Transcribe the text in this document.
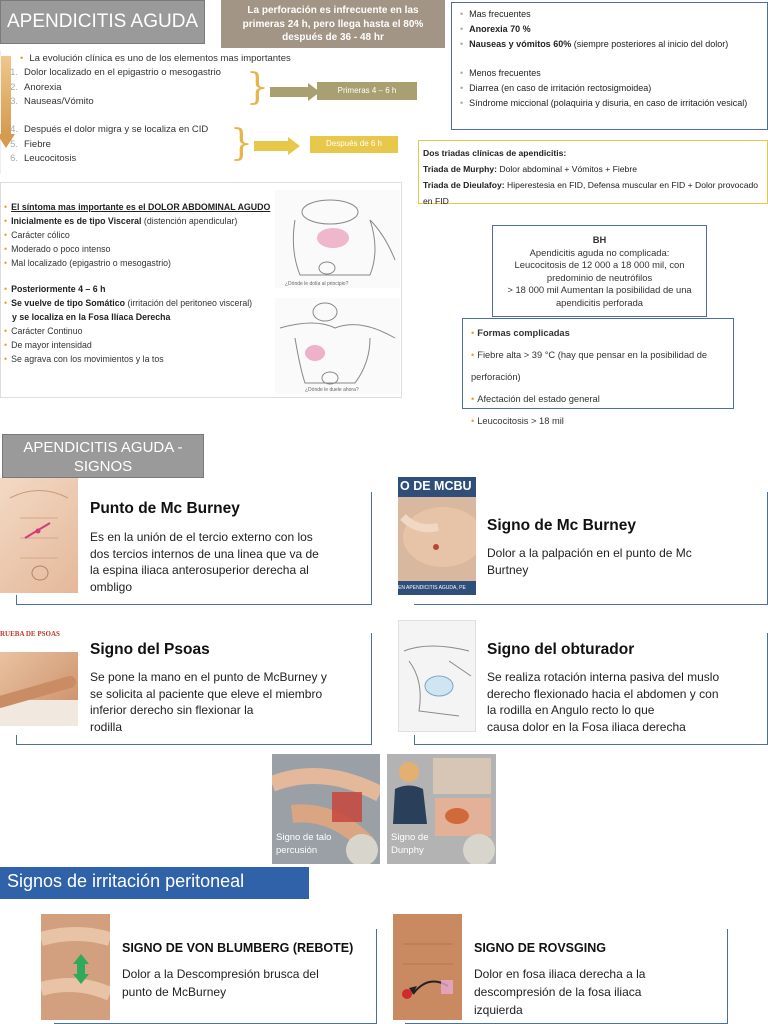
APENDICITIS AGUDA
La perforación es infrecuente en las
primeras 24 h, pero llega hasta el 80%
después de 36 - 48 hr
• La evolución clínica es uno de los elementos mas importantes
1. Dolor localizado en el epigastrio o mesogastrio
2. Anorexia
3. Nauseas/Vómito
4. Después el dolor migra y se localiza en CID
5. Fiebre
6. Leucocitosis
}	Primeras 4 – 6 h
}	Después de 6 h
• Mas frecuentes
• Anorexia 70 %
• Nauseas y vómitos 60% (siempre posteriores al inicio del dolor)
• Menos frecuentes
• Diarrea (en caso de irritación rectosigmoidea)
• Síndrome miccional (polaquiria y disuria, en caso de irritación vesical)
Dos triadas clínicas de apendicitis:
Triada de Murphy: Dolor abdominal + Vómitos + Fiebre
Triada de Dieulafoy: Hiperestesia en FID, Defensa muscular en FID + Dolor provocado en FID
• El síntoma mas importante es el DOLOR ABDOMINAL AGUDO
• Inicialmente es de tipo Visceral (distención apendicular)
• Carácter cólico
• Moderado o poco intenso
• Mal localizado (epigastrio o mesogastrio)
• Posteriormente 4 – 6 h
• Se vuelve de tipo Somático (irritación del peritoneo visceral)
y se localiza en la Fosa Ilíaca Derecha
• Carácter Continuo
• De mayor intensidad
• Se agrava con los movimientos y la tos
¿Dónde le dolía al principio?
¿Dónde le duele ahora?
BH
Apendicitis aguda no complicada:
Leucocitosis de 12 000 a 18 000 mil, con
predominio de neutrófilos
> 18 000 mil Aumentan la posibilidad de una
apendicitis perforada
• Formas complicadas
• Fiebre alta > 39 °C (hay que pensar en la posibilidad de perforación)
• Afectación del estado general
• Leucocitosis > 18 mil
APENDICITIS AGUDA -
SIGNOS
Punto de Mc Burney
Es en la unión de el tercio externo con los
dos tercios internos de una linea que va de
la espina iliaca anterosuperior derecha al
ombligo
O DE MCBU
EN APENDICITIS AGUDA, PE
Signo de Mc Burney
Dolor a la palpación en el punto de Mc
Burtney
RUEBA DE PSOAS
Signo del Psoas
Se pone la mano en el punto de McBurney y
se solicita al paciente que eleve el miembro
inferior derecho sin flexionar la
rodilla
Signo del obturador
Se realiza rotación interna pasiva del muslo
derecho flexionado hacia el abdomen y con
la rodilla en Angulo recto lo que
causa dolor en la Fosa iliaca derecha
Signo de talo
percusión
Signo de
Dunphy
Signos de irritación peritoneal
SIGNO DE VON BLUMBERG (REBOTE)
Dolor a la Descompresión brusca del
punto de McBurney
SIGNO DE ROVSGING
Dolor en fosa iliaca derecha a la
descompresión de la fosa iliaca
izquierda
